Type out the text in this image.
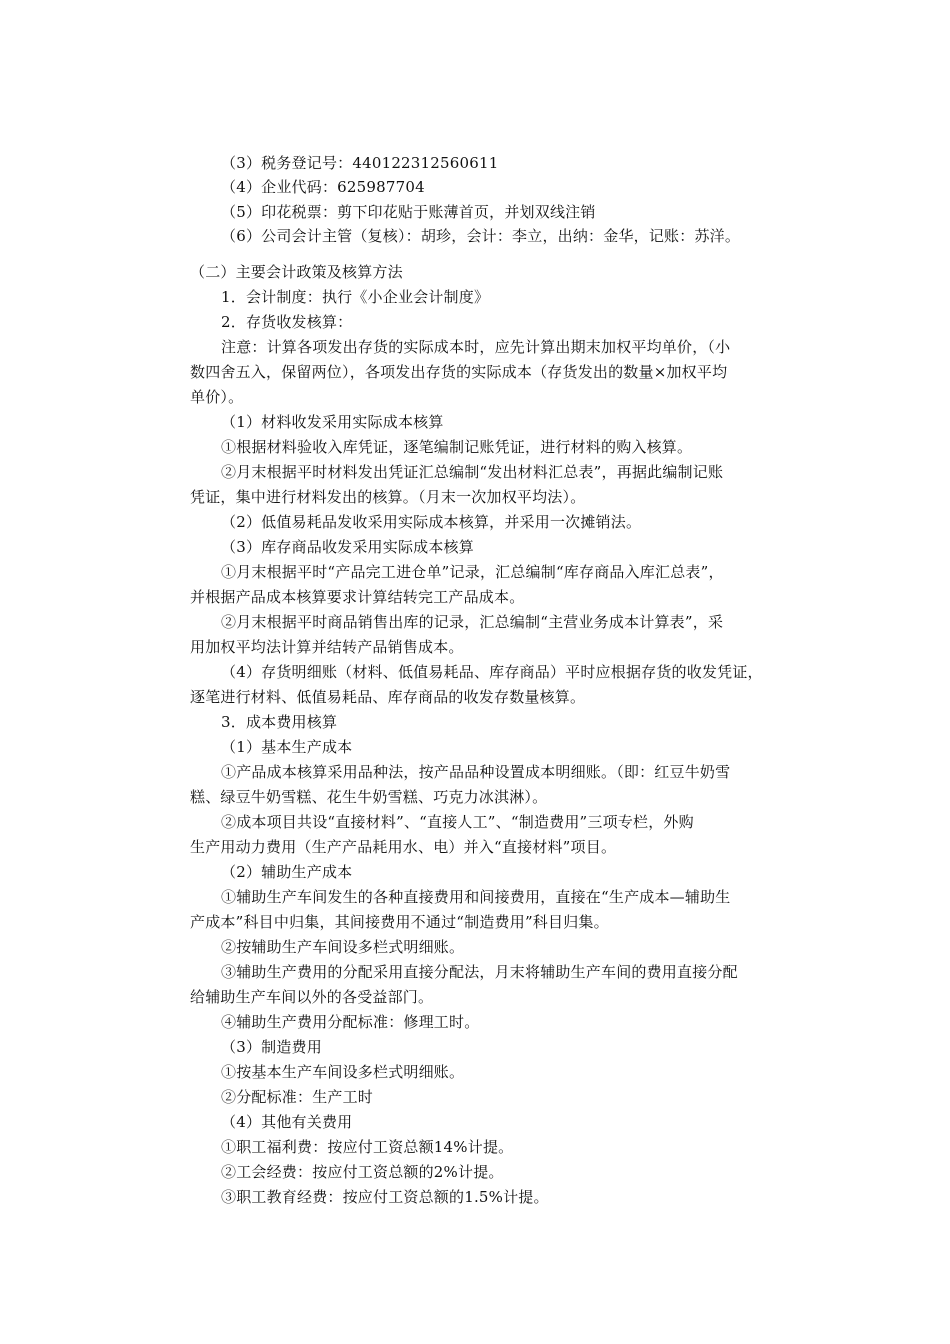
（3）税务登记号：440122312560611
（4）企业代码：625987704
（5）印花税票：剪下印花贴于账薄首页，并划双线注销
（6）公司会计主管（复核）：胡珍，会计：李立，出纳：金华，记账：苏洋。
（二）主要会计政策及核算方法
1．会计制度：执行《小企业会计制度》
2．存货收发核算：
注意：计算各项发出存货的实际成本时，应先计算出期末加权平均单价，（小
数四舍五入，保留两位），各项发出存货的实际成本（存货发出的数量×加权平均
单价）。
（1）材料收发采用实际成本核算
①根据材料验收入库凭证，逐笔编制记账凭证，进行材料的购入核算。
②月末根据平时材料发出凭证汇总编制“发出材料汇总表”，再据此编制记账
凭证，集中进行材料发出的核算。（月末一次加权平均法）。
（2）低值易耗品发收采用实际成本核算，并采用一次摊销法。
（3）库存商品收发采用实际成本核算
①月末根据平时“产品完工进仓单”记录，汇总编制“库存商品入库汇总表”，
并根据产品成本核算要求计算结转完工产品成本。
②月末根据平时商品销售出库的记录，汇总编制“主营业务成本计算表”，采
用加权平均法计算并结转产品销售成本。
（4）存货明细账（材料、低值易耗品、库存商品）平时应根据存货的收发凭证，
逐笔进行材料、低值易耗品、库存商品的收发存数量核算。
3．成本费用核算
（1）基本生产成本
①产品成本核算采用品种法，按产品品种设置成本明细账。（即：红豆牛奶雪
糕、绿豆牛奶雪糕、花生牛奶雪糕、巧克力冰淇淋）。
②成本项目共设“直接材料”、“直接人工”、“制造费用”三项专栏，外购
生产用动力费用（生产产品耗用水、电）并入“直接材料”项目。
（2）辅助生产成本
①辅助生产车间发生的各种直接费用和间接费用，直接在“生产成本—辅助生
产成本”科目中归集，其间接费用不通过“制造费用”科目归集。
②按辅助生产车间设多栏式明细账。
③辅助生产费用的分配采用直接分配法，月末将辅助生产车间的费用直接分配
给辅助生产车间以外的各受益部门。
④辅助生产费用分配标准：修理工时。
（3）制造费用
①按基本生产车间设多栏式明细账。
②分配标准：生产工时
（4）其他有关费用
①职工福利费：按应付工资总额14%计提。
②工会经费：按应付工资总额的2%计提。
③职工教育经费：按应付工资总额的1.5%计提。
